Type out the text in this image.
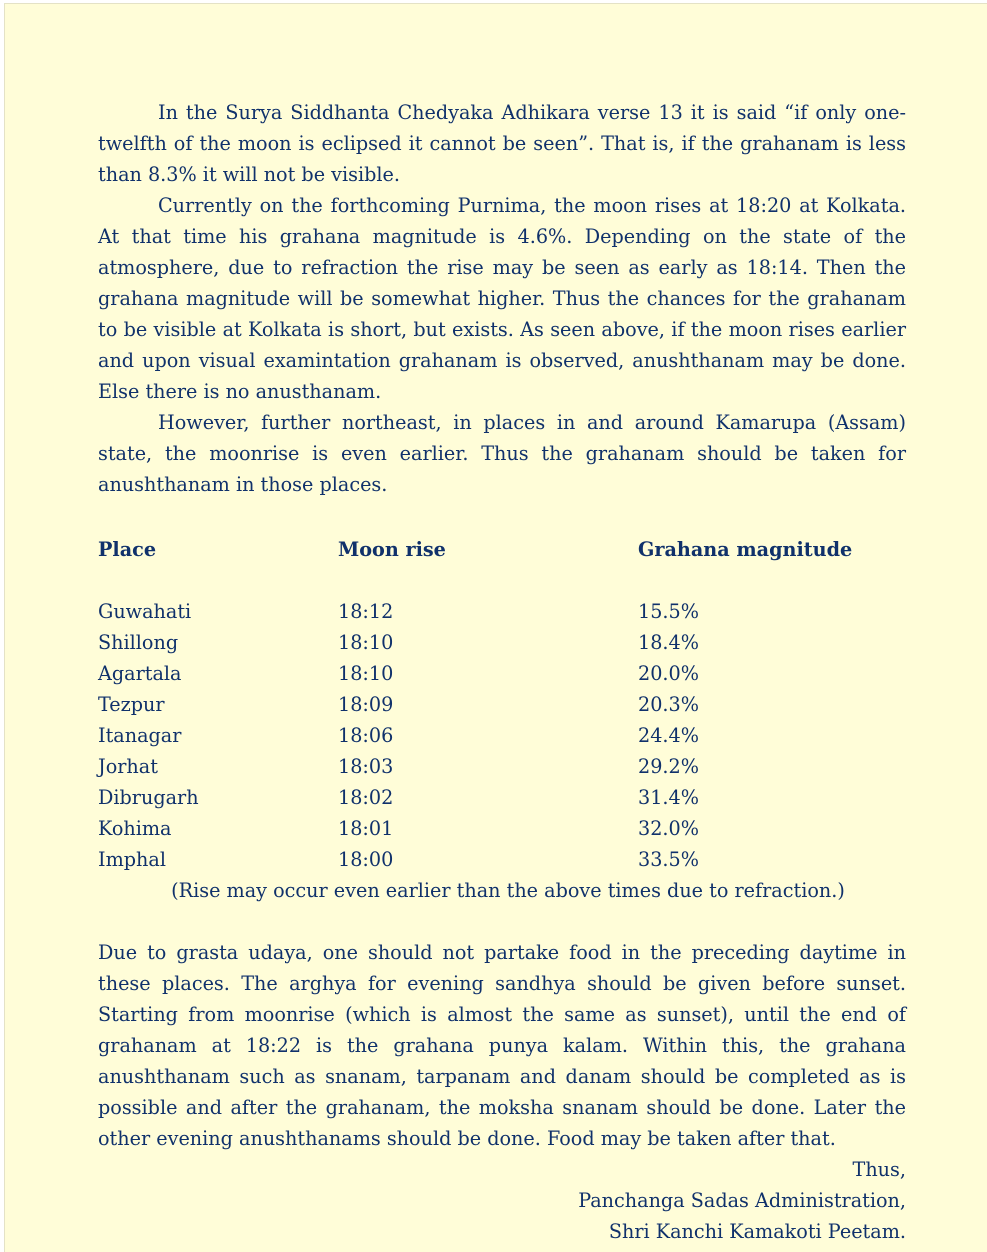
In the Surya Siddhanta Chedyaka Adhikara verse 13 it is said “if only one-twelfth of the moon is eclipsed it cannot be seen”. That is, if the grahanam is less than 8.3% it will not be visible.

Currently on the forthcoming Purnima, the moon rises at 18:20 at Kolkata. At that time his grahana magnitude is 4.6%. Depending on the state of the atmosphere, due to refraction the rise may be seen as early as 18:14. Then the grahana magnitude will be somewhat higher. Thus the chances for the grahanam to be visible at Kolkata is short, but exists. As seen above, if the moon rises earlier and upon visual examintation grahanam is observed, anushthanam may be done. Else there is no anusthanam.

However, further northeast, in places in and around Kamarupa (Assam) state, the moonrise is even earlier. Thus the grahanam should be taken for anushthanam in those places.

Place	Moon rise	Grahana magnitude
Guwahati	18:12	15.5%
Shillong	18:10	18.4%
Agartala	18:10	20.0%
Tezpur	18:09	20.3%
Itanagar	18:06	24.4%
Jorhat	18:03	29.2%
Dibrugarh	18:02	31.4%
Kohima	18:01	32.0%
Imphal	18:00	33.5%
(Rise may occur even earlier than the above times due to refraction.)

Due to grasta udaya, one should not partake food in the preceding daytime in these places. The arghya for evening sandhya should be given before sunset. Starting from moonrise (which is almost the same as sunset), until the end of grahanam at 18:22 is the grahana punya kalam. Within this, the grahana anushthanam such as snanam, tarpanam and danam should be completed as is possible and after the grahanam, the moksha snanam should be done. Later the other evening anushthanams should be done. Food may be taken after that.

Thus,
Panchanga Sadas Administration,
Shri Kanchi Kamakoti Peetam.
